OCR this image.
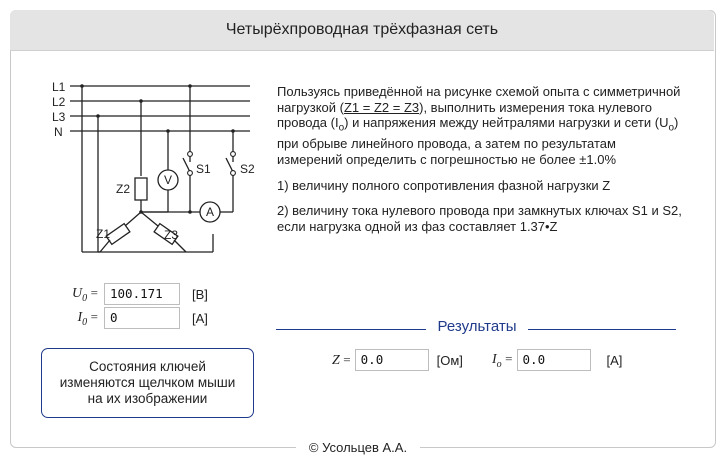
Четырёхпроводная трёхфазная сеть
L1
L2
L3
N
Z2
Z1	Z3
V
A
S1 S2

Пользуясь приведённой на рисунке схемой опыта с симметричной нагрузкой (Z1 = Z2 = Z3), выполнить измерения тока нулевого провода $(I_o)$ и напряжения между нейтралями нагрузки и сети $(U_o)$ при обрыве линейного провода, а затем по результатам измерений определить с погрешностью не более ±1.0%

1) величину полного сопротивления фазной нагрузки Z

2) величину тока нулевого провода при замкнутых ключах S1 и S2, если нагрузка одной из фаз составляет 1.37•Z

$U_0 = 100.171$	[В]
$I_0 = 0$	[А]
Состояния ключей изменяются щелчком мыши на их изображении
Результаты
Z = 0.0	[Ом] $I_o = 0.0$	[А]
© Усольцев А.А.
